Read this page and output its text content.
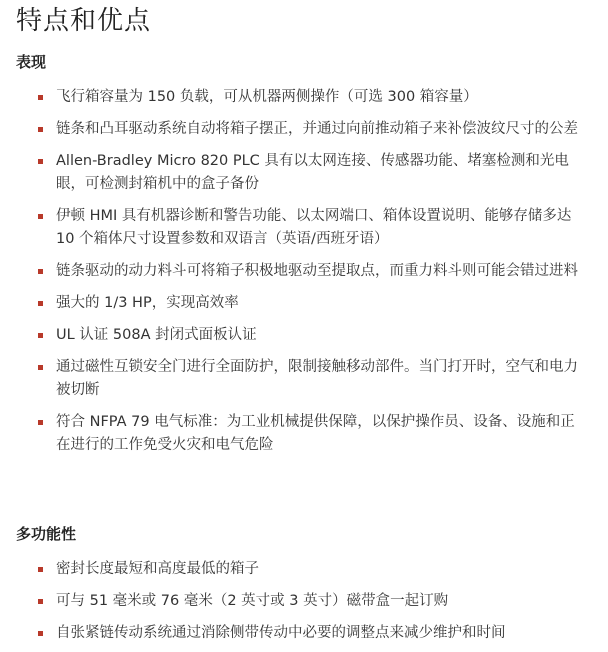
特点和优点
表现
飞行箱容量为 150 负载，可从机器两侧操作（可选 300 箱容量）
链条和凸耳驱动系统自动将箱子摆正，并通过向前推动箱子来补偿波纹尺寸的公差
Allen-Bradley Micro 820 PLC 具有以太网连接、传感器功能、堵塞检测和光电眼，可检测封箱机中的盒子备份
伊顿 HMI 具有机器诊断和警告功能、以太网端口、箱体设置说明、能够存储多达 10 个箱体尺寸设置参数和双语言（英语/西班牙语）
链条驱动的动力料斗可将箱子积极地驱动至提取点，而重力料斗则可能会错过进料
强大的 1/3 HP，实现高效率
UL 认证 508A 封闭式面板认证
通过磁性互锁安全门进行全面防护，限制接触移动部件。当门打开时，空气和电力被切断
符合 NFPA 79 电气标准：为工业机械提供保障，以保护操作员、设备、设施和正在进行的工作免受火灾和电气危险
多功能性
密封长度最短和高度最低的箱子
可与 51 毫米或 76 毫米（2 英寸或 3 英寸）磁带盒一起订购
自张紧链传动系统通过消除侧带传动中必要的调整点来减少维护和时间
